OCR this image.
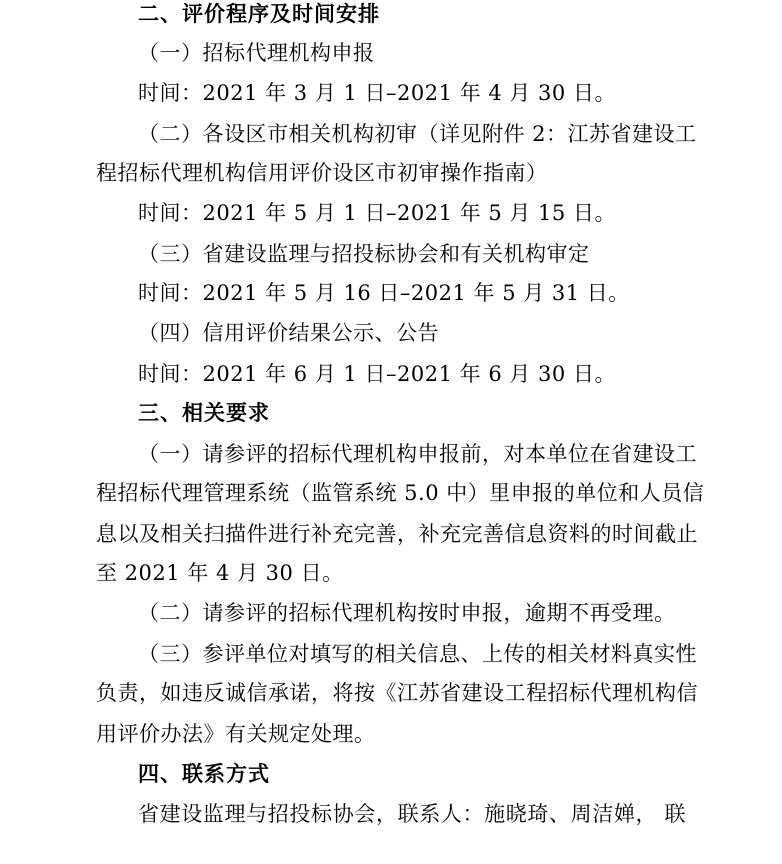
二、评价程序及时间安排
（一）招标代理机构申报
时间：2021 年 3 月 1 日–2021 年 4 月 30 日。
（二）各设区市相关机构初审（详见附件 2：江苏省建设工
程招标代理机构信用评价设区市初审操作指南）
时间：2021 年 5 月 1 日–2021 年 5 月 15 日。
（三）省建设监理与招投标协会和有关机构审定
时间：2021 年 5 月 16 日–2021 年 5 月 31 日。
（四）信用评价结果公示、公告
时间：2021 年 6 月 1 日–2021 年 6 月 30 日。
三、相关要求
（一）请参评的招标代理机构申报前，对本单位在省建设工
程招标代理管理系统（监管系统 5.0 中）里申报的单位和人员信
息以及相关扫描件进行补充完善，补充完善信息资料的时间截止
至 2021 年 4 月 30 日。
（二）请参评的招标代理机构按时申报，逾期不再受理。
（三）参评单位对填写的相关信息、上传的相关材料真实性
负责，如违反诚信承诺，将按《江苏省建设工程招标代理机构信
用评价办法》有关规定处理。
四、联系方式
省建设监理与招投标协会，联系人：施晓琦、周洁婵， 联
